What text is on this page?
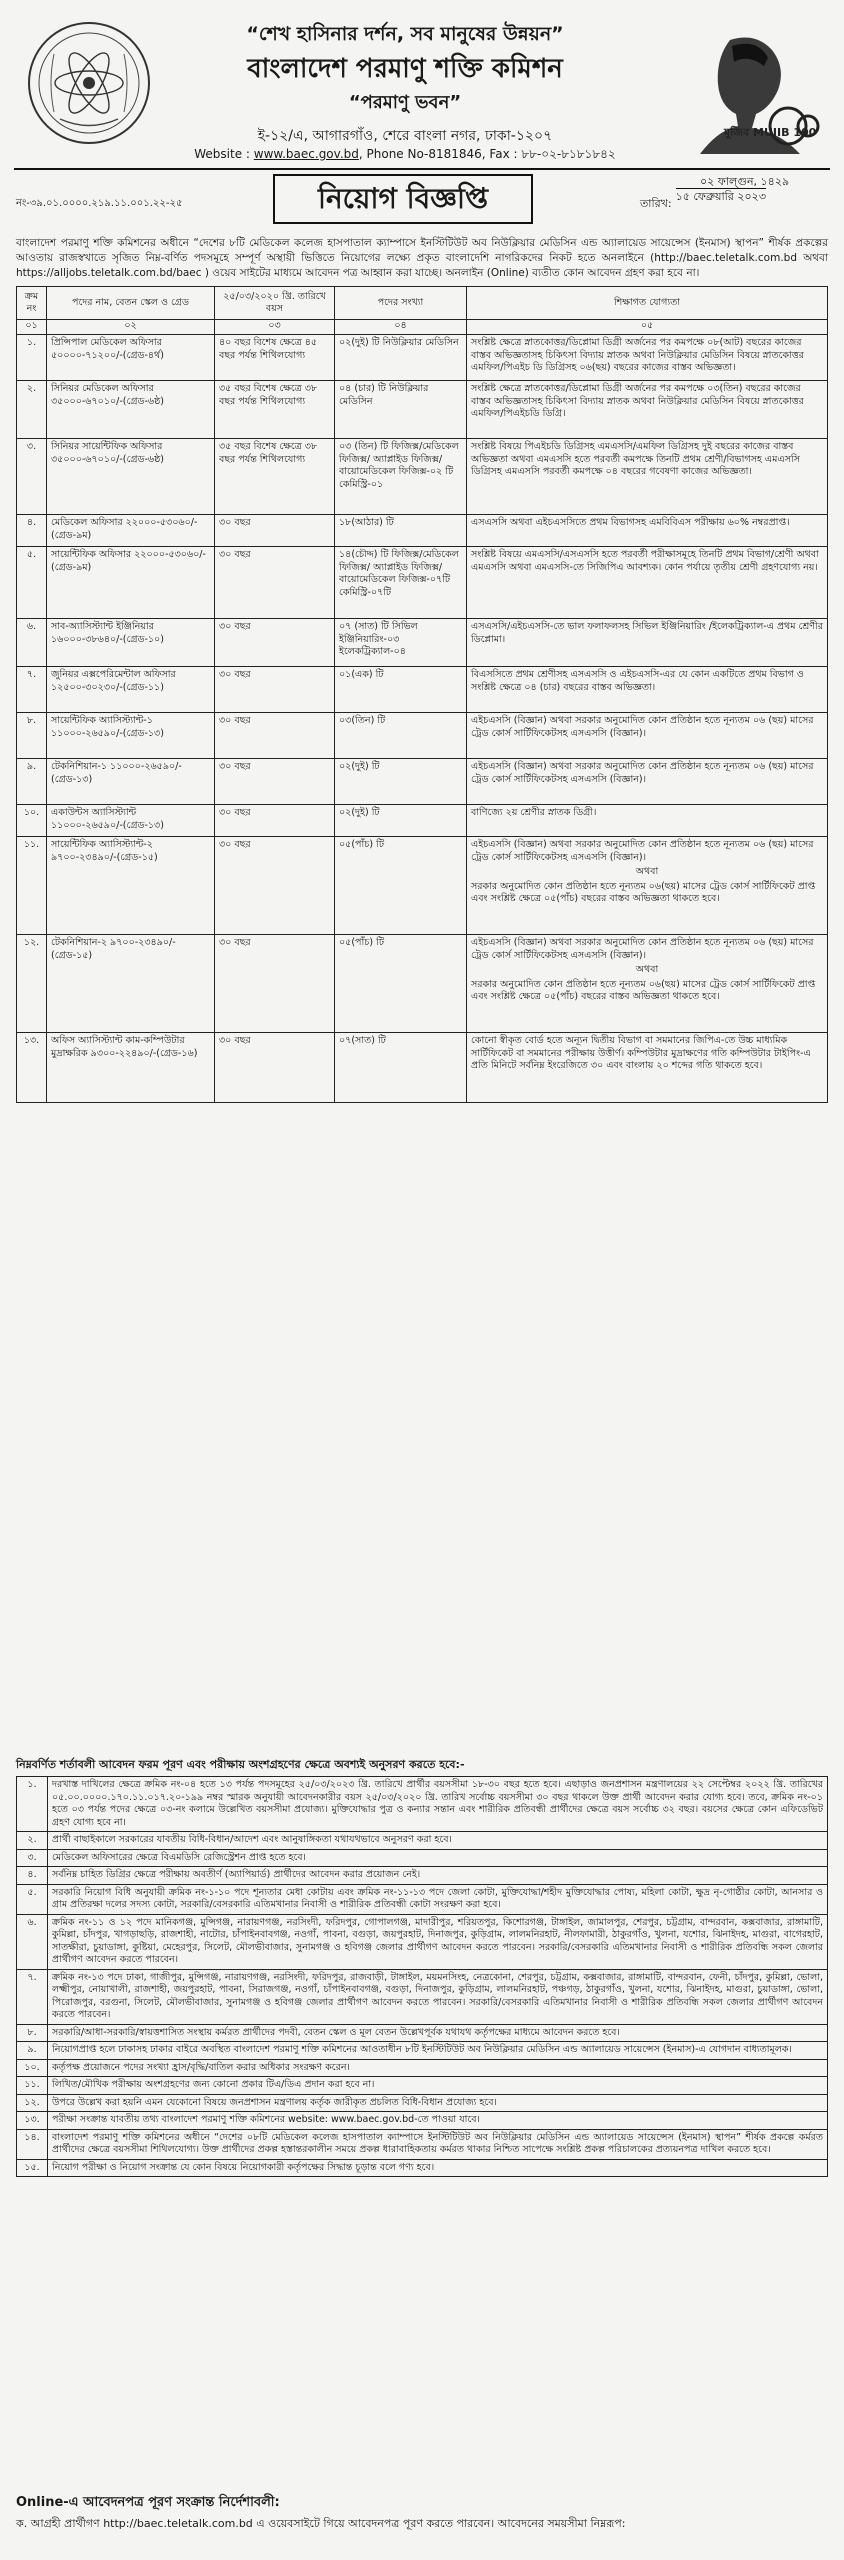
মুজিব MUJIB 100
“শেখ হাসিনার দর্শন, সব মানুষের উন্নয়ন”
বাংলাদেশ পরমাণু শক্তি কমিশন
“পরমাণু ভবন”
ই-১২/এ, আগারগাঁও, শেরে বাংলা নগর, ঢাকা-১২০৭
Website : www.baec.gov.bd, Phone No-8181846, Fax : ৮৮-০২-৮১৮১৮৪২
নং-৩৯.০১.০০০০.২১৯.১১.০০১.২২-২৫	নিয়োগ বিজ্ঞপ্তি
০২ ফাল্গুন, ১৪২৯
তারিখ:
১৫ ফেব্রুয়ারি ২০২৩
বাংলাদেশ পরমাণু শক্তি কমিশনের অধীনে “দেশের ৮টি মেডিকেল কলেজ হাসপাতাল ক্যাম্পাসে ইনস্টিটিউট অব নিউক্লিয়ার মেডিসিন এন্ড অ্যালায়েড সায়েন্সেস (ইনমাস) স্থাপন” শীর্ষক প্রকল্পের আওতায় রাজস্বখাতে সৃজিত নিম্ন-বর্ণিত পদসমূহে সম্পূর্ণ অস্থায়ী ভিত্তিতে নিয়োগের লক্ষ্যে প্রকৃত বাংলাদেশি নাগরিকদের নিকট হতে অনলাইনে (http://baec.teletalk.com.bd অথবা https://alljobs.teletalk.com.bd/baec ) ওয়েব সাইটের মাধ্যমে আবেদন পত্র আহ্বান করা যাচ্ছে। অনলাইন (Online) ব্যতীত কোন আবেদন গ্রহণ করা হবে না।
ক্রম নং	পদের নাম, বেতন স্কেল ও গ্রেড	২৫/০৩/২০২০ খ্রি. তারিখে বয়স	পদের সংখ্যা	শিক্ষাগত যোগ্যতা
০১	০২	০৩	০৪	০৫
১.	প্রিন্সিপাল মেডিকেল অফিসার ৫০০০০-৭১২০০/-(গ্রেড-৪র্থ)	৪০ বছর বিশেষ ক্ষেত্রে ৪৫ বছর পর্যন্ত শিথিলযোগ্য	০২(দুই) টি নিউক্লিয়ার মেডিসিন	সংশ্লিষ্ট ক্ষেত্রে স্নাতকোত্তর/ডিপ্লোমা ডিগ্রী অর্জনের পর কমপক্ষে ০৮(আট) বছরের কাজের বাস্তব অভিজ্ঞতাসহ চিকিৎসা বিদ্যায় স্নাতক অথবা নিউক্লিয়ার মেডিসিন বিষয়ে স্নাতকোত্তর এমফিল/পিএইচ ডি ডিগ্রিসহ ০৬(ছয়) বছরের কাজের বাস্তব অভিজ্ঞতা।

২.	সিনিয়র মেডিকেল অফিসার ৩৫০০০-৬৭০১০/-(গ্রেড-৬ষ্ঠ)	৩৫ বছর বিশেষ ক্ষেত্রে ৩৮ বছর পর্যন্ত শিথিলযোগ্য	০৪ (চার) টি নিউক্লিয়ার মেডিসিন	সংশ্লিষ্ট ক্ষেত্রে স্নাতকোত্তর/ডিপ্লোমা ডিগ্রী অর্জনের পর কমপক্ষে ০৩(তিন) বছরের কাজের বাস্তব অভিজ্ঞতাসহ চিকিৎসা বিদ্যায় স্নাতক অথবা নিউক্লিয়ার মেডিসিন বিষয়ে স্নাতকোত্তর এমফিল/পিএইচডি ডিগ্রি।

৩.	সিনিয়র সায়েন্টিফিক অফিসার ৩৫০০০-৬৭০১০/-(গ্রেড-৬ষ্ঠ)	৩৫ বছর বিশেষ ক্ষেত্রে ৩৮ বছর পর্যন্ত শিথিলযোগ্য	০৩ (তিন) টি ফিজিক্স/মেডিকেল ফিজিক্স/ অ্যাপ্লাইড ফিজিক্স/বায়োমেডিকেল ফিজিক্স-০২ টি কেমিস্ট্রি-০১	সংশ্লিষ্ট বিষয়ে পিএইচডি ডিগ্রিসহ এমএসসি/এমফিল ডিগ্রিসহ দুই বছরের কাজের বাস্তব অভিজ্ঞতা অথবা এমএসসি হতে পরবর্তী কমপক্ষে তিনটি প্রথম শ্রেণী/বিভাগসহ এমএসসি ডিগ্রিসহ এমএসসি পরবর্তী কমপক্ষে ০৪ বছরের গবেষণা কাজের অভিজ্ঞতা।

৪.	মেডিকেল অফিসার ২২০০০-৫৩০৬০/-(গ্রেড-৯ম)	৩০ বছর	১৮(আঠার) টি	এসএসসি অথবা এইচএসসিতে প্রথম বিভাগসহ এমবিবিএস পরীক্ষায় ৬০% নম্বরপ্রাপ্ত।

৫.	সায়েন্টিফিক অফিসার ২২০০০-৫৩০৬০/-(গ্রেড-৯ম)	৩০ বছর	১৪(চৌদ্দ) টি ফিজিক্স/মেডিকেল ফিজিক্স/ অ্যাপ্লাইড ফিজিক্স/ বায়োমেডিকেল ফিজিক্স-০৭টি কেমিস্ট্রি-০৭টি	সংশ্লিষ্ট বিষয়ে এমএসসি/এসএসসি হতে পরবর্তী পরীক্ষাসমূহে তিনটি প্রথম বিভাগ/শ্রেণী অথবা এমএসসি অথবা এমএসসি-তে সিজিপিএ আবশ্যক। কোন পর্যায়ে তৃতীয় শ্রেণী গ্রহণযোগ্য নয়।

৬.	সাব-অ্যাসিস্ট্যান্ট ইঞ্জিনিয়ার ১৬০০০-৩৮৬৪০/-(গ্রেড-১০)	৩০ বছর	০৭ (সাত) টি সিভিল ইঞ্জিনিয়ারিং-০৩ ইলেকট্রিক্যাল-০৪	এসএসসি/এইচএসসি-তে ভাল ফলাফলসহ সিভিল ইঞ্জিনিয়ারিং /ইলেকট্রিক্যাল-এ প্রথম শ্রেণীর ডিপ্লোমা।

৭.	জুনিয়র এক্সপেরিমেন্টাল অফিসার ১২৫০০-৩০২৩০/-(গ্রেড-১১)	৩০ বছর	০১(এক) টি	বিএসসিতে প্রথম শ্রেণীসহ এসএসসি ও এইচএসসি-এর যে কোন একটিতে প্রথম বিভাগ ও সংশ্লিষ্ট ক্ষেত্রে ০৪ (চার) বছরের বাস্তব অভিজ্ঞতা।

৮.	সায়েন্টিফিক অ্যাসিস্ট্যান্ট-১ ১১০০০-২৬৫৯০/-(গ্রেড-১৩)	৩০ বছর	০৩(তিন) টি	এইচএসসি (বিজ্ঞান) অথবা সরকার অনুমোদিত কোন প্রতিষ্ঠান হতে নূন্যতম ০৬ (ছয়) মাসের ট্রেড কোর্স সার্টিফিকেটসহ এসএসসি (বিজ্ঞান)।

৯.	টেকনিশিয়ান-১ ১১০০০-২৬৫৯০/-(গ্রেড-১৩)	৩০ বছর	০২(দুই) টি	এইচএসসি (বিজ্ঞান) অথবা সরকার অনুমোদিত কোন প্রতিষ্ঠান হতে নূন্যতম ০৬ (ছয়) মাসের ট্রেড কোর্স সার্টিফিকেটসহ এসএসসি (বিজ্ঞান)।

১০.	একাউন্টস অ্যাসিস্ট্যান্ট ১১০০০-২৬৫৯০/-(গ্রেড-১৩)	৩০ বছর	০২(দুই) টি	বাণিজ্যে ২য় শ্রেণীর স্নাতক ডিগ্রী।

১১.	সায়েন্টিফিক অ্যাসিস্ট্যান্ট-২ ৯৭০০-২৩৪৯০/-(গ্রেড-১৫)	৩০ বছর	০৫(পাঁচ) টি	এইচএসসি (বিজ্ঞান) অথবা সরকার অনুমোদিত কোন প্রতিষ্ঠান হতে নূন্যতম ০৬ (ছয়) মাসের ট্রেড কোর্স সার্টিফিকেটসহ এসএসসি (বিজ্ঞান)।
অথবা
সরকার অনুমোদিত কোন প্রতিষ্ঠান হতে নূন্যতম ০৬(ছয়) মাসের ট্রেড কোর্স সার্টিফিকেট প্রাপ্ত এবং সংশ্লিষ্ট ক্ষেত্রে ০৫(পাঁচ) বছরের বাস্তব অভিজ্ঞতা থাকতে হবে।

১২.	টেকনিশিয়ান-২ ৯৭০০-২৩৪৯০/-(গ্রেড-১৫)	৩০ বছর	০৫(পাঁচ) টি	এইচএসসি (বিজ্ঞান) অথবা সরকার অনুমোদিত কোন প্রতিষ্ঠান হতে নূন্যতম ০৬ (ছয়) মাসের ট্রেড কোর্স সার্টিফিকেটসহ এসএসসি (বিজ্ঞান)।
অথবা
সরকার অনুমোদিত কোন প্রতিষ্ঠান হতে নূন্যতম ০৬(ছয়) মাসের ট্রেড কোর্স সার্টিফিকেট প্রাপ্ত এবং সংশ্লিষ্ট ক্ষেত্রে ০৫(পাঁচ) বছরের বাস্তব অভিজ্ঞতা থাকতে হবে।

১৩.	অফিস অ্যাসিস্ট্যান্ট কাম-কম্পিউটার মুদ্রাক্ষরিক ৯৩০০-২২৪৯০/-(গ্রেড-১৬)	৩০ বছর	০৭(সাত) টি	কোনো স্বীকৃত বোর্ড হতে অন্যূন দ্বিতীয় বিভাগ বা সমমানের জিপিএ-তে উচ্চ মাধ্যমিক সার্টিফিকেট বা সমমানের পরীক্ষায় উত্তীর্ণ। কম্পিউটার মুদ্রাক্ষণের গতি কম্পিউটার টাইপিং-এ প্রতি মিনিটে সর্বনিম্ন ইংরেজিতে ৩০ এবং বাংলায় ২০ শব্দের গতি থাকতে হবে।
নিম্নবর্ণিত শর্তাবলী আবেদন ফরম পূরণ এবং পরীক্ষায় অংশগ্রহণের ক্ষেত্রে অবশ্যই অনুসরণ করতে হবে:-
১.	দরখাস্ত দাখিলের ক্ষেত্রে ক্রমিক নং-০৪ হতে ১৩ পর্যন্ত পদসমূহের ২৫/০৩/২০২৩ খ্রি. তারিখে প্রার্থীর বয়সসীমা ১৮-৩০ বছর হতে হবে। এছাড়াও জনপ্রশাসন মন্ত্রণালয়ের ২২ সেপ্টেম্বর ২০২২ খ্রি. তারিখের ০৫.০০.০০০০.১৭০.১১.০১৭.২০-১৯৯ নম্বর স্মারক অনুযায়ী আবেদনকারীর বয়স ২৫/০৩/২০২০ খ্রি. তারিখ সর্বোচ্চ বয়সসীমা ৩০ বছর থাকলে উক্ত প্রার্থী আবেদন করার যোগ্য হবে। তবে, ক্রমিক নং-০১ হতে ০৩ পর্যন্ত পদের ক্ষেত্রে ০৩-নং কলামে উল্লেখিত বয়সসীমা প্রযোজ্য। মুক্তিযোদ্ধার পুত্র ও কন্যার সন্তান এবং শারীরিক প্রতিবন্ধী প্রার্থীদের ক্ষেত্রে বয়স সর্বোচ্চ ৩২ বছর। বয়সের ক্ষেত্রে কোন এফিডেভিট গ্রহণ যোগ্য হবে না।
২.	প্রার্থী বাছাইকালে সরকারের যাবতীয় বিধি-বিধান/আদেশ এবং আনুষাঙ্গিকতা যথাযথভাবে অনুসরণ করা হবে।
৩.	মেডিকেল অফিসারের ক্ষেত্রে বিএমডিসি রেজিস্ট্রেশন প্রাপ্ত হতে হবে।
৪.	সর্বনিম্ন চাহিত ডিগ্রির ক্ষেত্রে পরীক্ষায় অবতীর্ণ (অ্যাপিয়ার্ড) প্রার্থীদের আবেদন করার প্রয়োজন নেই।
৫.	সরকারি নিয়োগ বিধি অনুযায়ী ক্রমিক নং-১-১০ পদে শূন্যতার মেধা কোটায় এবং ক্রমিক নং-১১-১৩ পদে জেলা কোটা, মুক্তিযোদ্ধা/শহীদ মুক্তিযোদ্ধার পোষ্য, মহিলা কোটা, ক্ষুদ্র নৃ-গোষ্ঠীর কোটা, আনসার ও গ্রাম প্রতিরক্ষা দলের সদস্য কোটা, সরকারি/বেসরকারি এতিমখানার নিবাসী ও শারীরিক প্রতিবন্ধী কোটা সংরক্ষণ করা হবে।
৬.	ক্রমিক নং-১১ ও ১২ পদে মানিকগঞ্জ, মুন্সিগঞ্জ, নারায়ণগঞ্জ, নরসিংদী, ফরিদপুর, গোপালগঞ্জ, মাদারীপুর, শরিয়তপুর, কিশোরগঞ্জ, টাঙ্গাইল, জামালপুর, শেরপুর, চট্টগ্রাম, বান্দরবান, কক্সবাজার, রাঙ্গামাটি, কুমিল্লা, চাঁদপুর, খাগড়াছড়ি, রাজশাহী, নাটোর, চাঁপাইনবাবগঞ্জ, নওগাঁ, পাবনা, বগুড়া, জয়পুরহাট, দিনাজপুর, কুড়িগ্রাম, লালমনিরহাট, নীলফামারী, ঠাকুরগাঁও, খুলনা, যশোর, ঝিনাইদহ, মাগুরা, বাগেরহাট, সাতক্ষীরা, চুয়াডাঙ্গা, কুষ্টিয়া, মেহেরপুর, সিলেট, মৌলভীবাজার, সুনামগঞ্জ ও হবিগঞ্জ জেলার প্রার্থীগণ আবেদন করতে পারবেন। সরকারি/বেসরকারি এতিমখানার নিবাসী ও শারীরিক প্রতিবন্ধি সকল জেলার প্রার্থীগণ আবেদন করতে পারবেন।
৭.	ক্রমিক নং-১৩ পদে ঢাকা, গাজীপুর, মুন্সিগঞ্জ, নারায়ণগঞ্জ, নরসিংদী, ফরিদপুর, রাজবাড়ী, টাঙ্গাইল, ময়মনসিংহ, নেত্রকোনা, শেরপুর, চট্টগ্রাম, কক্সবাজার, রাঙ্গামাটি, বান্দরবান, ফেনী, চাঁদপুর, কুমিল্লা, ভোলা, লক্ষ্মীপুর, নোয়াখালী, রাজশাহী, জয়পুরহাট, পাবনা, সিরাজগঞ্জ, নওগাঁ, চাঁপাইনবাবগঞ্জ, বগুড়া, দিনাজপুর, কুড়িগ্রাম, লালমনিরহাট, পঞ্চগড়, ঠাকুরগাঁও, খুলনা, যশোর, ঝিনাইদহ, মাগুরা, চুয়াডাঙ্গা, ভোলা, পিরোজপুর, বরগুনা, সিলেট, মৌলভীবাজার, সুনামগঞ্জ ও হবিগঞ্জ জেলার প্রার্থীগণ আবেদন করতে পারবেন। সরকারি/বেসরকারি এতিমখানার নিবাসী ও শারীরিক প্রতিবন্ধি সকল জেলার প্রার্থীগণ আবেদন করতে পারবেন।
৮.	সরকারি/আধা-সরকারি/স্বায়ত্তশাসিত সংস্থায় কর্মরত প্রার্থীদের পদবী, বেতন স্কেল ও মূল বেতন উল্লেখপূর্বক যথাযথ কর্তৃপক্ষের মাধ্যমে আবেদন করতে হবে।
৯.	নিয়োগপ্রাপ্ত হলে ঢাকাসহ ঢাকার বাইরে অবস্থিত বাংলাদেশ পরমাণু শক্তি কমিশনের আওতাধীন ৮টি ইনস্টিটিউট অব নিউক্লিয়ার মেডিসিন এন্ড অ্যালায়েড সায়েন্সেস (ইনমাস)-এ যোগদান বাধ্যতামূলক।
১০.	কর্তৃপক্ষ প্রয়োজনে পদের সংখ্যা হ্রাস/বৃদ্ধি/বাতিল করার অধিকার সংরক্ষণ করেন।
১১.	লিখিত/মৌখিক পরীক্ষায় অংশগ্রহণের জন্য কোনো প্রকার টিএ/ডিএ প্রদান করা হবে না।
১২.	উপরে উল্লেখ করা হয়নি এমন যেকোনো বিষয়ে জনপ্রশাসন মন্ত্রণালয় কর্তৃক জারীকৃত প্রচলিত বিধি-বিধান প্রযোজ্য হবে।
১৩.	পরীক্ষা সংক্রান্ত যাবতীয় তথ্য বাংলাদেশ পরমাণু শক্তি কমিশনের website: www.baec.gov.bd-তে পাওয়া যাবে।
১৪.	বাংলাদেশ পরমাণু শক্তি কমিশনের অধীনে “দেশের ০৮টি মেডিকেল কলেজ হাসপাতাল ক্যাম্পাসে ইনস্টিটিউট অব নিউক্লিয়ার মেডিসিন এন্ড অ্যালায়েড সায়েন্সেস (ইনমাস) স্থাপন” শীর্ষক প্রকল্পে কর্মরত প্রার্থীদের ক্ষেত্রে বয়সসীমা শিথিলযোগ্য। উক্ত প্রার্থীদের প্রকল্প হস্তান্তরকালীন সময়ে প্রকল্প ধারাবাহিকতায় কর্মরত থাকার নিশ্চিত সাপেক্ষে সংশ্লিষ্ট প্রকল্প পরিচালকের প্রত্যয়নপত্র দাখিল করতে হবে।
১৫.	নিয়োগ পরীক্ষা ও নিয়োগ সংক্রান্ত যে কোন বিষয়ে নিয়োগকারী কর্তৃপক্ষের সিদ্ধান্ত চূড়ান্ত বলে গণ্য হবে।
Online-এ আবেদনপত্র পূরণ সংক্রান্ত নির্দেশাবলী:
ক. আগ্রহী প্রার্থীগণ http://baec.teletalk.com.bd এ ওয়েবসাইটে গিয়ে আবেদনপত্র পূরণ করতে পারবেন। আবেদনের সময়সীমা নিম্নরূপ:
